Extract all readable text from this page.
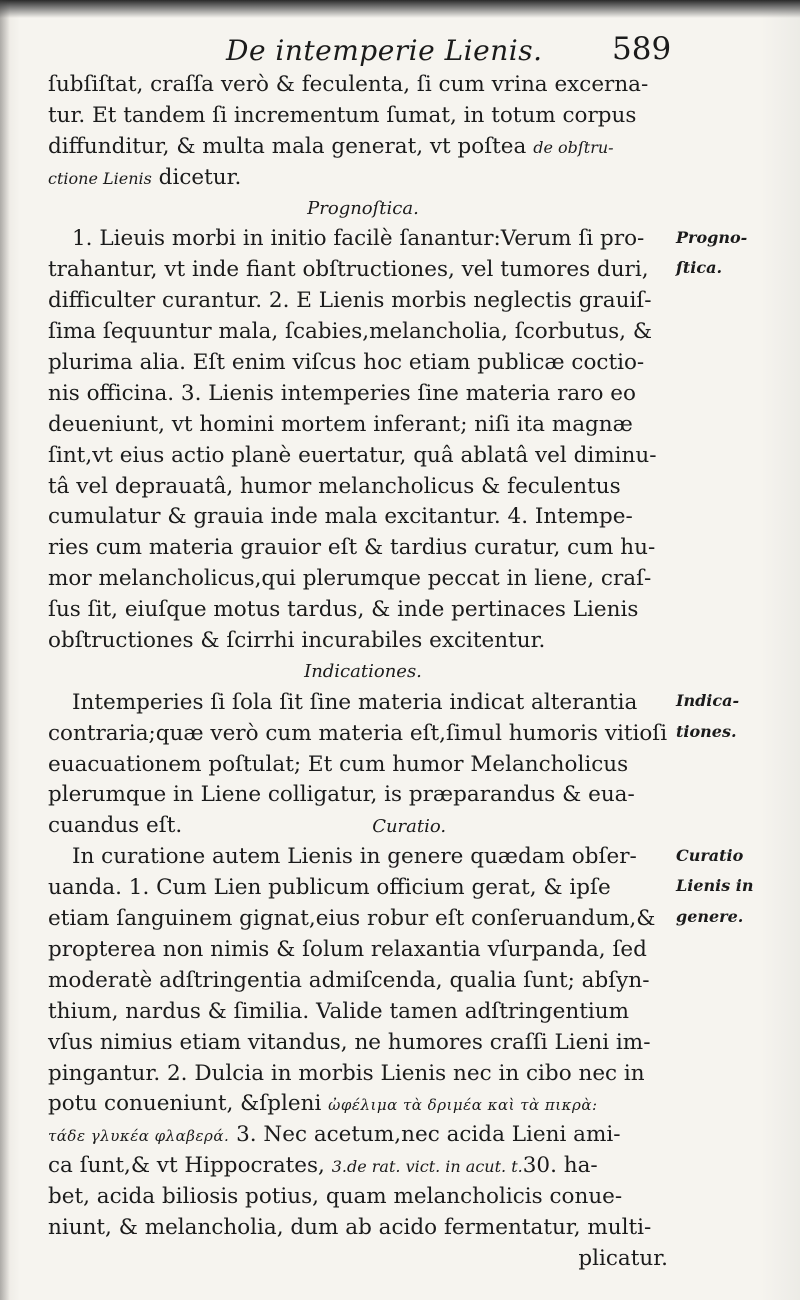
De intemperie Lienis. 589
ſubſiſtat, craſſa verò & feculenta, ſi cum vrina excerna-
tur. Et tandem ſi incrementum ſumat, in totum corpus
diffunditur, & multa mala generat, vt poſtea de obſtru-
ctione Lienis dicetur.
Prognoſtica.
1. Lieuis morbi in initio facilè ſanantur:Verum ſi pro-
trahantur, vt inde fiant obſtructiones, vel tumores duri,
difficulter curantur. 2. E Lienis morbis neglectis grauiſ-
ſima ſequuntur mala, ſcabies,melancholia, ſcorbutus, &
plurima alia. Eſt enim viſcus hoc etiam publicæ coctio-
nis officina. 3. Lienis intemperies ſine materia raro eo
deueniunt, vt homini mortem inferant; niſi ita magnæ
ſint,vt eius actio planè euertatur, quâ ablatâ vel diminu-
tâ vel deprauatâ, humor melancholicus & feculentus
cumulatur & grauia inde mala excitantur. 4. Intempe-
ries cum materia grauior eſt & tardius curatur, cum hu-
mor melancholicus,qui plerumque peccat in liene, craſ-
ſus ſit, eiuſque motus tardus, & inde pertinaces Lienis
obſtructiones & ſcirrhi incurabiles excitentur.
Indicationes.
Intemperies ſi ſola ſit ſine materia indicat alterantia
contraria;quæ verò cum materia eſt,ſimul humoris vitioſi
euacuationem poſtulat; Et cum humor Melancholicus
plerumque in Liene colligatur, is præparandus & eua-
cuandus eſt.	Curatio.
In curatione autem Lienis in genere quædam obſer-
uanda. 1. Cum Lien publicum officium gerat, & ipſe
etiam ſanguinem gignat,eius robur eſt conſeruandum,&
propterea non nimis & ſolum relaxantia vſurpanda, ſed
moderatè adſtringentia admiſcenda, qualia ſunt; abſyn-
thium, nardus & ſimilia. Valide tamen adſtringentium
vſus nimius etiam vitandus, ne humores craſſi Lieni im-
pingantur. 2. Dulcia in morbis Lienis nec in cibo nec in
potu conueniunt, &ſpleni ὠφέλιμα τὰ δριμέα καὶ τὰ πικρὰ:
τάδε γλυκέα φλαβερά. 3. Nec acetum,nec acida Lieni ami-
ca ſunt,& vt Hippocrates, 3.de rat. vict. in acut. t.30. ha-
bet, acida biliosis potius, quam melancholicis conue-
niunt, & melancholia, dum ab acido fermentatur, multi-
plicatur.
Progno-
ſtica.
Indica-
tiones.
Curatio
Lienis in
genere.
